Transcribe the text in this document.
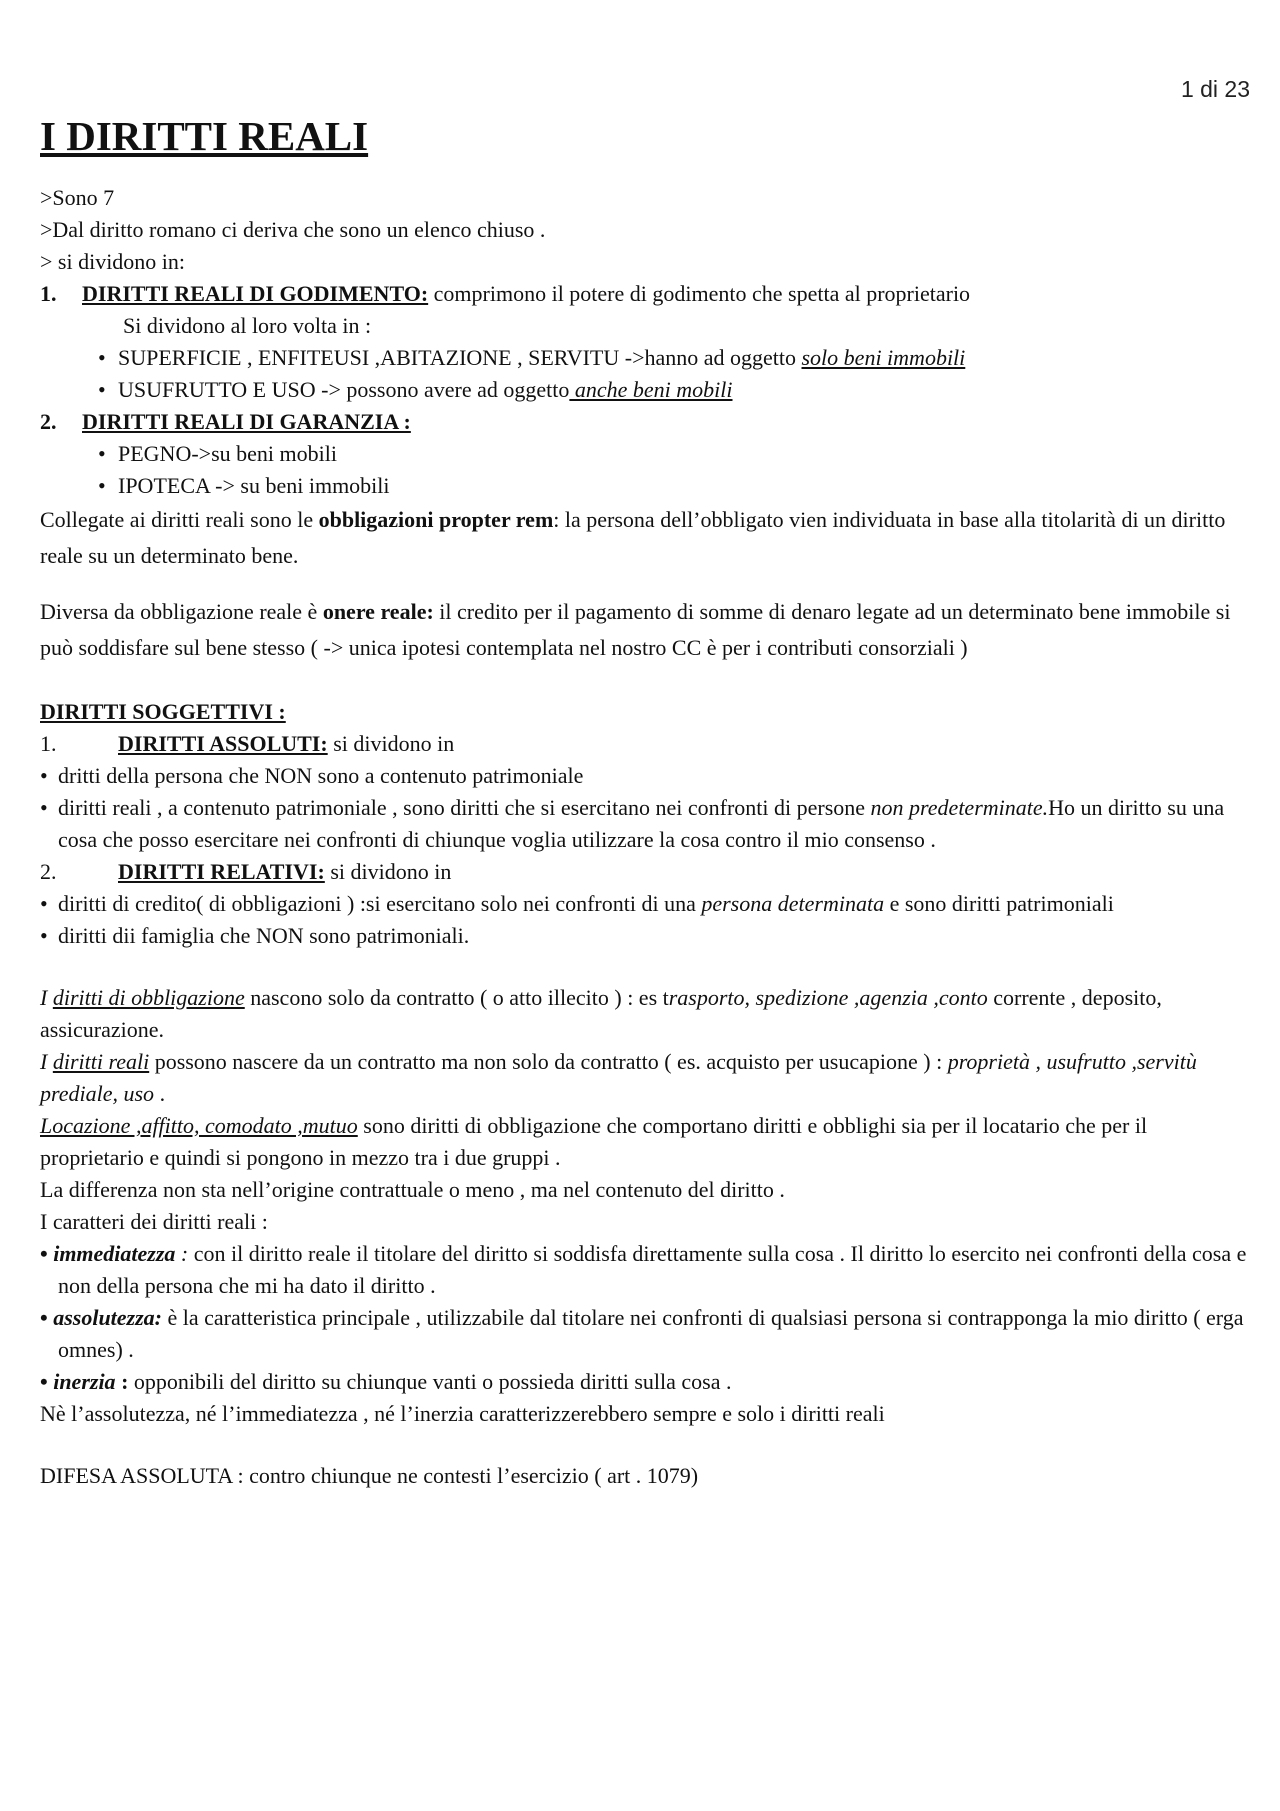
1 di 23
I DIRITTI REALI

>Sono 7

>Dal diritto romano ci deriva che sono un elenco chiuso .

> si dividono in:

1. DIRITTI REALI DI GODIMENTO: comprimono il potere di godimento che spetta al proprietario

Si dividono al loro volta in :

• SUPERFICIE , ENFITEUSI ,ABITAZIONE , SERVITU ->hanno ad oggetto solo beni immobili
• USUFRUTTO E USO -> possono avere ad oggetto anche beni mobili

2. DIRITTI REALI DI GARANZIA :

• PEGNO->su beni mobili
• IPOTECA -> su beni immobili

Collegate ai diritti reali sono le obbligazioni propter rem: la persona dell’obbligato vien individuata in base alla titolarità di un diritto reale su un determinato bene.

Diversa da obbligazione reale è onere reale: il credito per il pagamento di somme di denaro legate ad un determinato bene immobile si può soddisfare sul bene stesso ( -> unica ipotesi contemplata nel nostro CC è per i contributi consorziali )

DIRITTI SOGGETTIVI :

1.	DIRITTI ASSOLUTI: si dividono in

• dritti della persona che NON sono a contenuto patrimoniale

• diritti reali , a contenuto patrimoniale , sono diritti che si esercitano nei confronti di persone non predeterminate.Ho un diritto su una cosa che posso esercitare nei confronti di chiunque voglia utilizzare la cosa contro il mio consenso .

2.	DIRITTI RELATIVI: si dividono in

• diritti di credito( di obbligazioni ) :si esercitano solo nei confronti di una persona determinata e sono diritti patrimoniali

• diritti dii famiglia che NON sono patrimoniali.

I diritti di obbligazione nascono solo da contratto ( o atto illecito ) : es trasporto, spedizione ,agenzia ,conto corrente , deposito, assicurazione.

I diritti reali possono nascere da un contratto ma non solo da contratto ( es. acquisto per usucapione ) : proprietà , usufrutto ,servitù prediale, uso .

Locazione ,affitto, comodato ,mutuo sono diritti di obbligazione che comportano diritti e obblighi sia per il locatario che per il proprietario e quindi si pongono in mezzo tra i due gruppi .

La differenza non sta nell’origine contrattuale o meno , ma nel contenuto del diritto .

I caratteri dei diritti reali :

• immediatezza : con il diritto reale il titolare del diritto si soddisfa direttamente sulla cosa . Il diritto lo esercito nei confronti della cosa e non della persona che mi ha dato il diritto .

• assolutezza: è la caratteristica principale , utilizzabile dal titolare nei confronti di qualsiasi persona si contrapponga la mio diritto ( erga omnes) .

• inerzia : opponibili del diritto su chiunque vanti o possieda diritti sulla cosa .

Nè l’assolutezza, né l’immediatezza , né l’inerzia caratterizzerebbero sempre e solo i diritti reali

DIFESA ASSOLUTA : contro chiunque ne contesti l’esercizio ( art . 1079)
